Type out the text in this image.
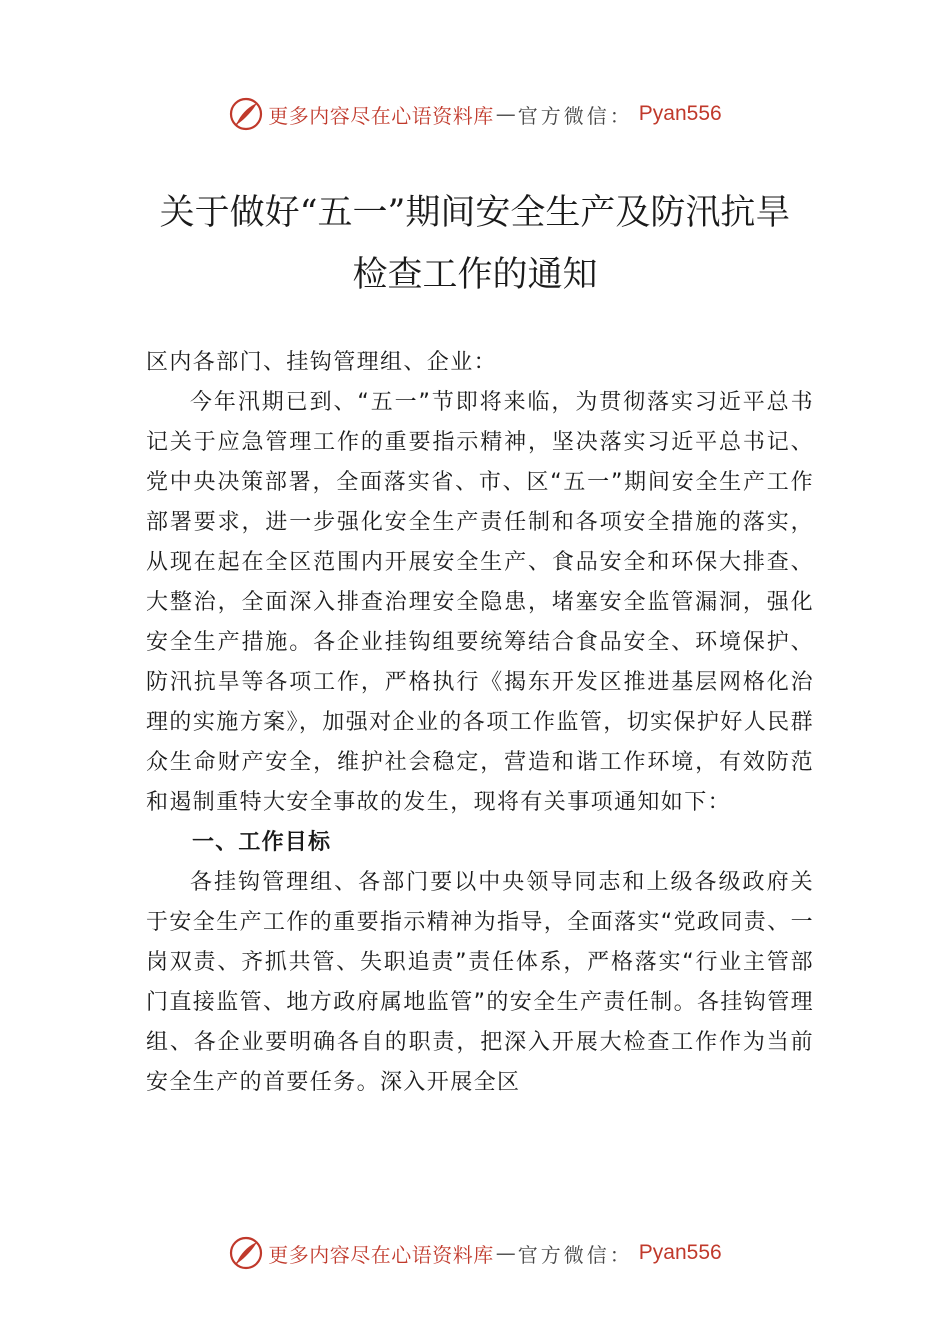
更多内容尽在心语资料库 — 官方微信： Pyan556
关于做好“五一”期间安全生产及防汛抗旱
检查工作的通知

区内各部门、挂钩管理组、企业：

今年汛期已到、“五一”节即将来临，为贯彻落实习近平总书记关于应急管理工作的重要指示精神，坚决落实习近平总书记、党中央决策部署，全面落实省、市、区“五一”期间安全生产工作部署要求，进一步强化安全生产责任制和各项安全措施的落实，从现在起在全区范围内开展安全生产、食品安全和环保大排查、大整治，全面深入排查治理安全隐患，堵塞安全监管漏洞，强化安全生产措施。各企业挂钩组要统筹结合食品安全、环境保护、防汛抗旱等各项工作，严格执行《揭东开发区推进基层网格化治理的实施方案》，加强对企业的各项工作监管，切实保护好人民群众生命财产安全，维护社会稳定，营造和谐工作环境，有效防范和遏制重特大安全事故的发生，现将有关事项通知如下：

一、工作目标

各挂钩管理组、各部门要以中央领导同志和上级各级政府关于安全生产工作的重要指示精神为指导，全面落实“党政同责、一岗双责、齐抓共管、失职追责”责任体系，严格落实“行业主管部门直接监管、地方政府属地监管”的安全生产责任制。各挂钩管理组、各企业要明确各自的职责，把深入开展大检查工作作为当前安全生产的首要任务。深入开展全区

更多内容尽在心语资料库 — 官方微信： Pyan556
